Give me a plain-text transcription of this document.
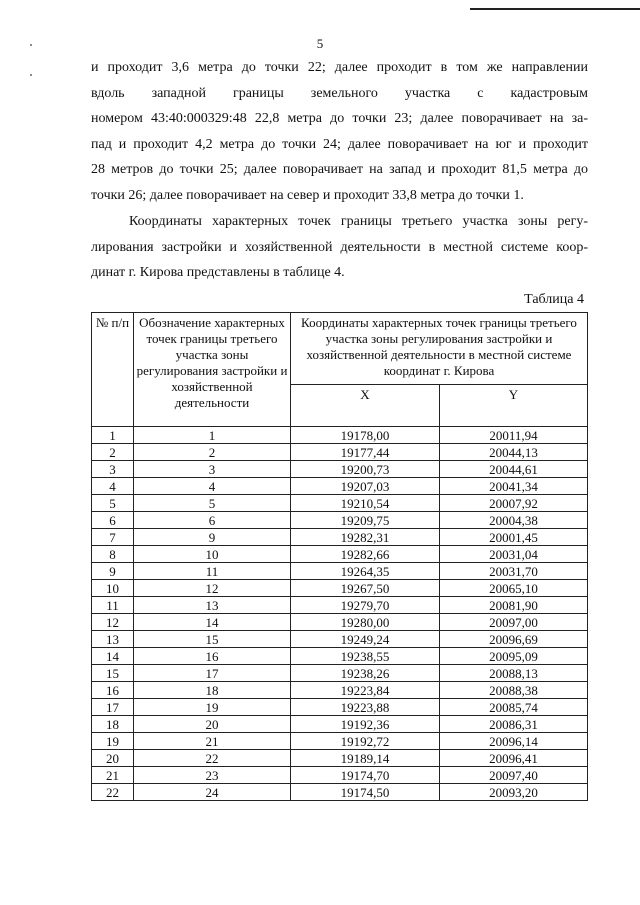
5
и проходит 3,6 метра до точки 22; далее проходит в том же направлении
вдоль западной границы земельного участка с кадастровым
номером 43:40:000329:48 22,8 метра до точки 23; далее поворачивает на за-
пад и проходит 4,2 метра до точки 24; далее поворачивает на юг и проходит
28 метров до точки 25; далее поворачивает на запад и проходит 81,5 метра до
точки 26; далее поворачивает на север и проходит 33,8 метра до точки 1.
Координаты характерных точек границы третьего участка зоны регу-
лирования застройки и хозяйственной деятельности в местной системе коор-
динат г. Кирова представлены в таблице 4.
Таблица 4
№ п/п	Обозначение характерных точек границы третьего участка зоны регулирования застройки и хозяйственной деятельности	Координаты характерных точек границы третьего участка зоны регулирования застройки и хозяйственной деятельности в местной системе координат г. Кирова	
		X	Y
1	1	19178,00	20011,94
2	2	19177,44	20044,13
3	3	19200,73	20044,61
4	4	19207,03	20041,34
5	5	19210,54	20007,92
6	6	19209,75	20004,38
7	9	19282,31	20001,45
8	10	19282,66	20031,04
9	11	19264,35	20031,70
10	12	19267,50	20065,10
11	13	19279,70	20081,90
12	14	19280,00	20097,00
13	15	19249,24	20096,69
14	16	19238,55	20095,09
15	17	19238,26	20088,13
16	18	19223,84	20088,38
17	19	19223,88	20085,74
18	20	19192,36	20086,31
19	21	19192,72	20096,14
20	22	19189,14	20096,41
21	23	19174,70	20097,40
22	24	19174,50	20093,20
